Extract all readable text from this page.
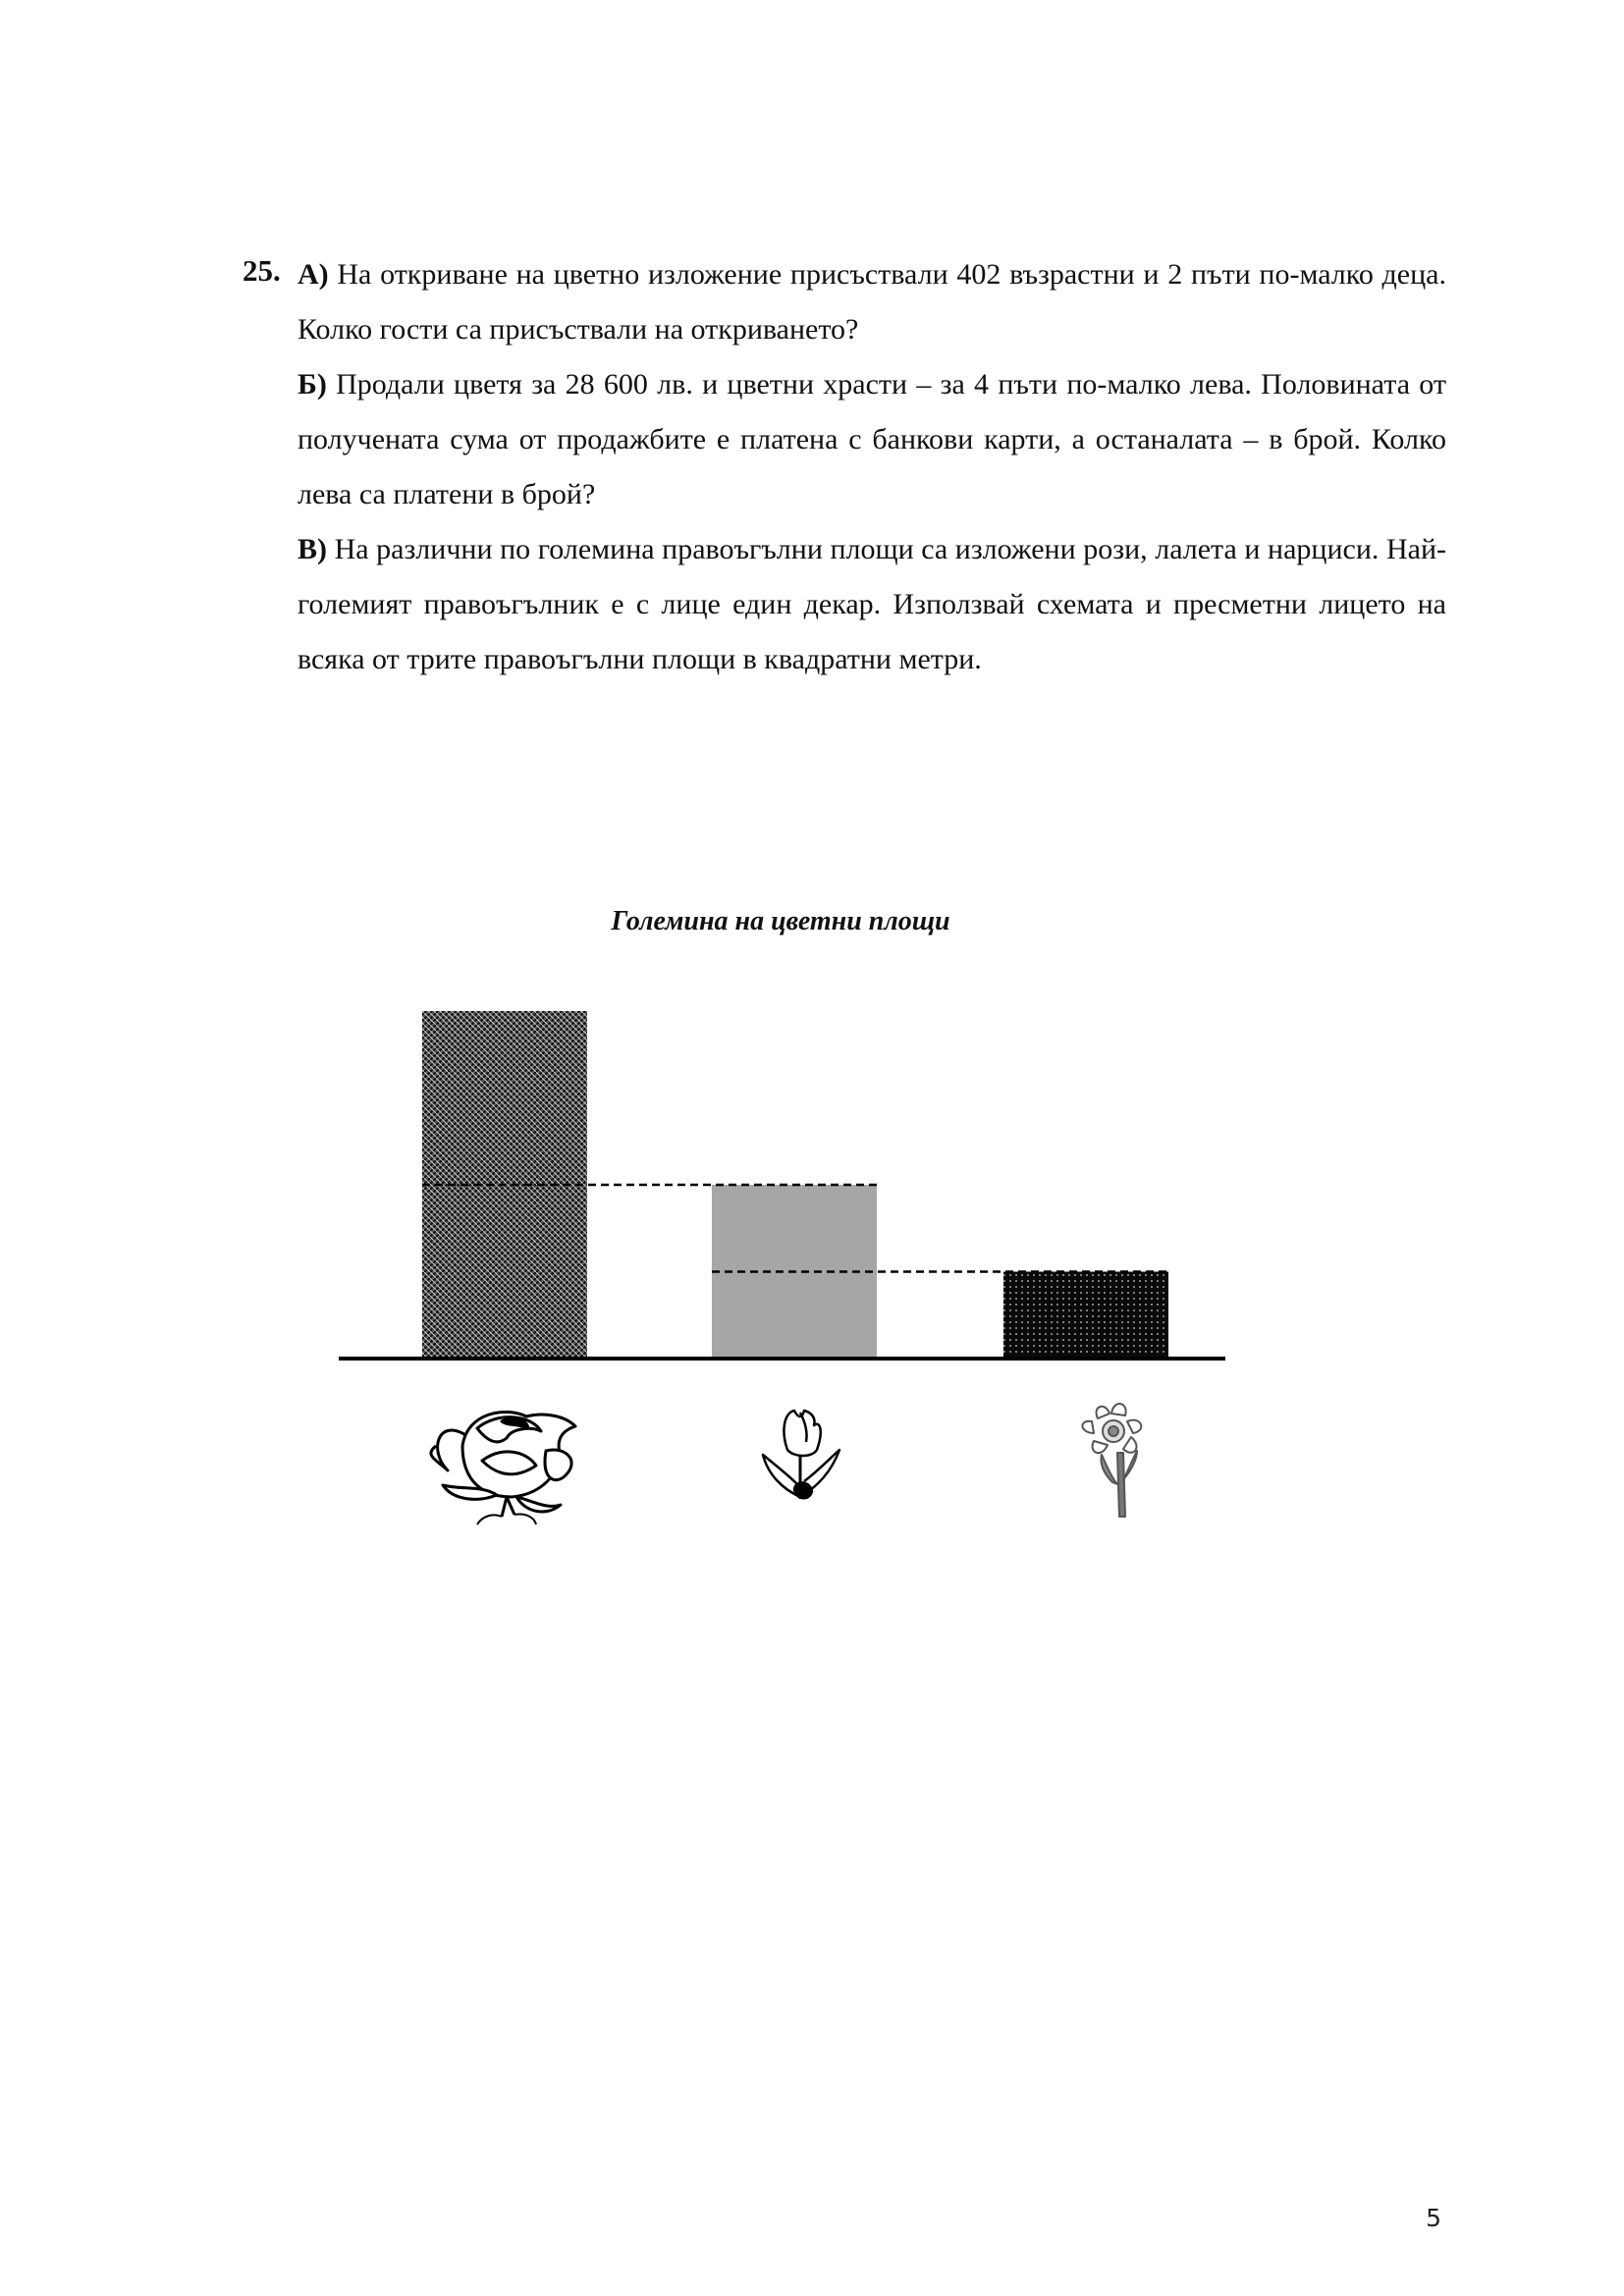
25. А) На откриване на цветно изложение присъствали 402 възрастни и 2 пъти по-малко деца. Колко гости са присъствали на откриването?

Б) Продали цветя за 28 600 лв. и цветни храсти – за 4 пъти по-малко лева. Половината от получената сума от продажбите е платена с банкови карти, а останалата – в брой. Колко лева са платени в брой?

В) На различни по големина правоъгълни площи са изложени рози, лалета и нарциси. Най-големият правоъгълник е с лице един декар. Използвай схемата и пресметни лицето на всяка от трите правоъгълни площи в квадратни метри.

Големина на цветни площи
5
